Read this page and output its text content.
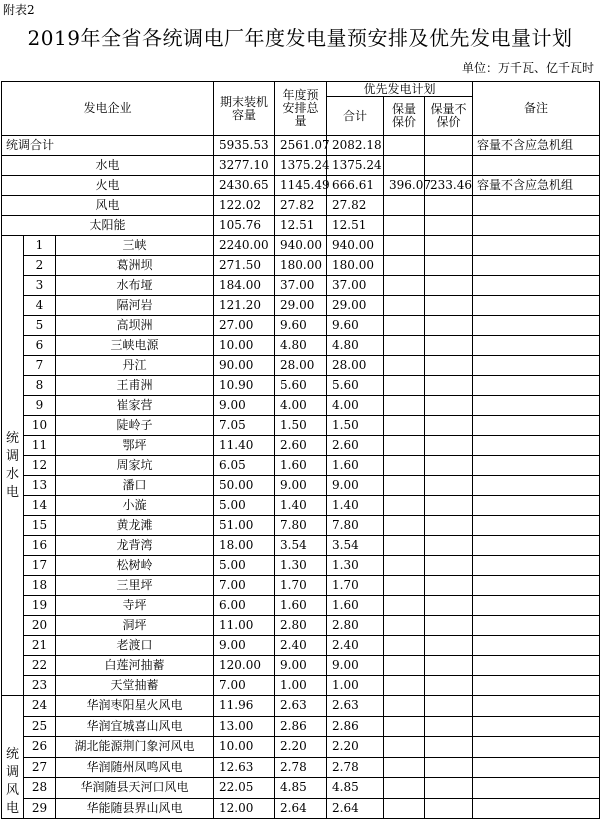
附表2
2019年全省各统调电厂年度发电量预安排及优先发电量计划
单位：万千瓦、亿千瓦时
发电企业			期末装机容量	年度预安排总量	优先发电计划			备注
					合计	保量保价	保量不保价	
统调合计			5935.53	2561.07	2082.18			容量不含应急机组
水电			3277.10	1375.24	1375.24			
火电			2430.65	1145.49	666.61	396.07	233.46	容量不含应急机组
风电			122.02	27.82	27.82			
太阳能			105.76	12.51	12.51			
统
调
水
电	1	三峡	2240.00	940.00	940.00			
	2	葛洲坝	271.50	180.00	180.00			
	3	水布垭	184.00	37.00	37.00			
	4	隔河岩	121.20	29.00	29.00			
	5	高坝洲	27.00	9.60	9.60			
	6	三峡电源	10.00	4.80	4.80			
	7	丹江	90.00	28.00	28.00			
	8	王甫洲	10.90	5.60	5.60			
	9	崔家营	9.00	4.00	4.00			
	10	陡岭子	7.05	1.50	1.50			
	11	鄂坪	11.40	2.60	2.60			
	12	周家坑	6.05	1.60	1.60			
	13	潘口	50.00	9.00	9.00			
	14	小漩	5.00	1.40	1.40			
	15	黄龙滩	51.00	7.80	7.80			
	16	龙背湾	18.00	3.54	3.54			
	17	松树岭	5.00	1.30	1.30			
	18	三里坪	7.00	1.70	1.70			
	19	寺坪	6.00	1.60	1.60			
	20	洞坪	11.00	2.80	2.80			
	21	老渡口	9.00	2.40	2.40			
	22	白莲河抽蓄	120.00	9.00	9.00			
	23	天堂抽蓄	7.00	1.00	1.00			
统
调
风
电	24	华润枣阳星火风电	11.96	2.63	2.63			
	25	华润宜城喜山风电	13.00	2.86	2.86			
	26	湖北能源荆门象河风电	10.00	2.20	2.20			
	27	华润随州凤鸣风电	12.63	2.78	2.78			
	28	华润随县天河口风电	22.05	4.85	4.85			
	29	华能随县界山风电	12.00	2.64	2.64			
